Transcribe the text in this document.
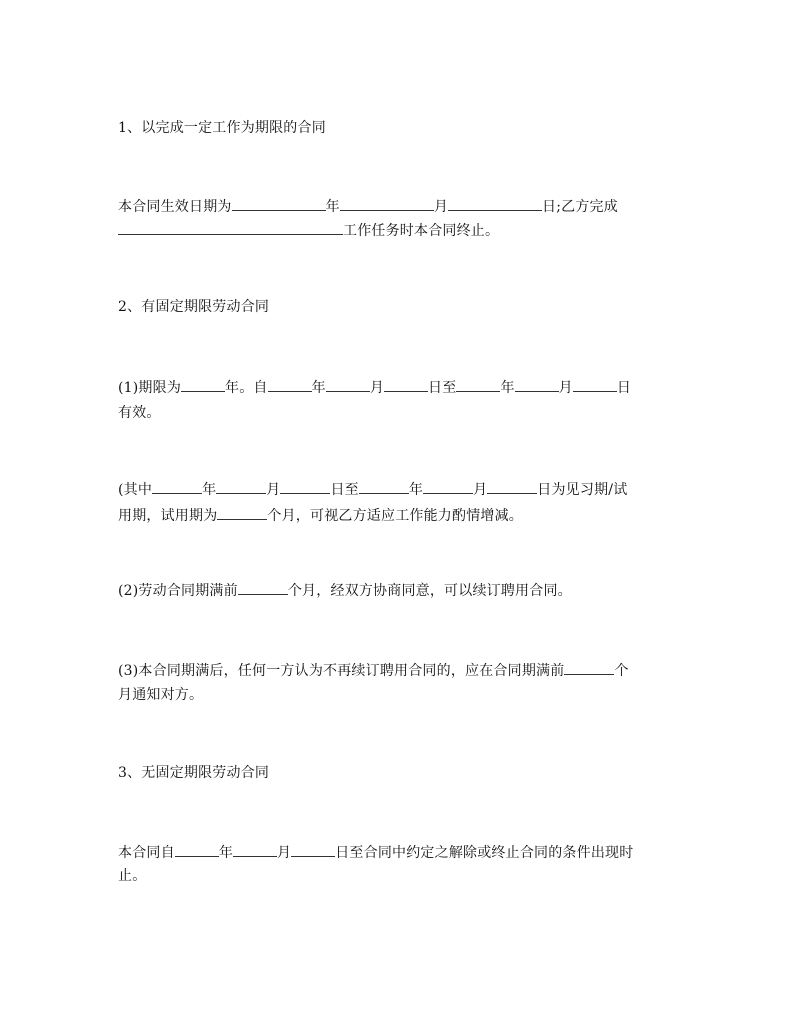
1、以完成一定工作为期限的合同
本合同生效日期为	年	月	日;乙方完成
工作任务时本合同终止。
2、有固定期限劳动合同
(1)期限为	年。自	年	月	日至	年	月	日
有效。
(其中	年	月	日至	年	月	日为见习期/试
用期，试用期为	个月，可视乙方适应工作能力酌情增减。
(2)劳动合同期满前	个月，经双方协商同意，可以续订聘用合同。
(3)本合同期满后，任何一方认为不再续订聘用合同的，应在合同期满前	个
月通知对方。
3、无固定期限劳动合同
本合同自	年	月	日至合同中约定之解除或终止合同的条件出现时
止。
